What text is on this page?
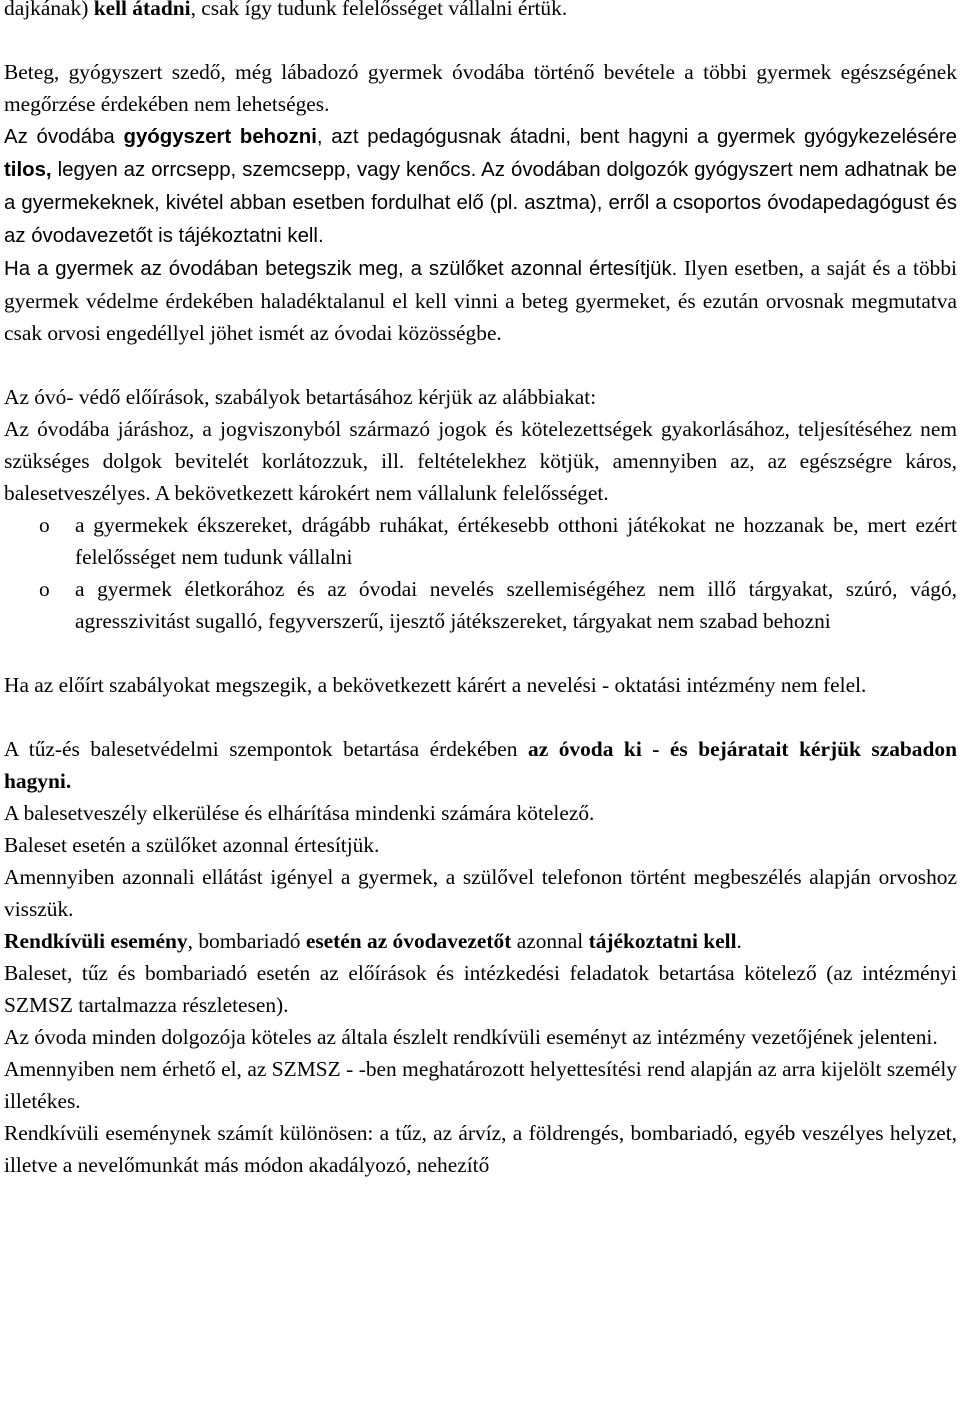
dajkának) kell átadni, csak így tudunk felelősséget vállalni értük.

Beteg, gyógyszert szedő, még lábadozó gyermek óvodába történő bevétele a többi gyermek egészségének megőrzése érdekében nem lehetséges.

Az óvodába gyógyszert behozni, azt pedagógusnak átadni, bent hagyni a gyermek gyógykezelésére tilos, legyen az orrcsepp, szemcsepp, vagy kenőcs. Az óvodában dolgozók gyógyszert nem adhatnak be a gyermekeknek, kivétel abban esetben fordulhat elő (pl. asztma), erről a csoportos óvodapedagógust és az óvodavezetőt is tájékoztatni kell.

Ha a gyermek az óvodában betegszik meg, a szülőket azonnal értesítjük. Ilyen esetben, a saját és a többi gyermek védelme érdekében haladéktalanul el kell vinni a beteg gyermeket, és ezután orvosnak megmutatva csak orvosi engedéllyel jöhet ismét az óvodai közösségbe.

Az óvó- védő előírások, szabályok betartásához kérjük az alábbiakat:

Az óvodába járáshoz, a jogviszonyból származó jogok és kötelezettségek gyakorlásához, teljesítéséhez nem szükséges dolgok bevitelét korlátozzuk, ill. feltételekhez kötjük, amennyiben az, az egészségre káros, balesetveszélyes. A bekövetkezett károkért nem vállalunk felelősséget.

o a gyermekek ékszereket, drágább ruhákat, értékesebb otthoni játékokat ne hozzanak be, mert ezért felelősséget nem tudunk vállalni
o a gyermek életkorához és az óvodai nevelés szellemiségéhez nem illő tárgyakat, szúró, vágó, agresszivitást sugalló, fegyverszerű, ijesztő játékszereket, tárgyakat nem szabad behozni

Ha az előírt szabályokat megszegik, a bekövetkezett kárért a nevelési - oktatási intézmény nem felel.

A tűz-és balesetvédelmi szempontok betartása érdekében az óvoda ki - és bejáratait kérjük szabadon hagyni.

A balesetveszély elkerülése és elhárítása mindenki számára kötelező.

Baleset esetén a szülőket azonnal értesítjük.

Amennyiben azonnali ellátást igényel a gyermek, a szülővel telefonon történt megbeszélés alapján orvoshoz visszük.

Rendkívüli esemény, bombariadó esetén az óvodavezetőt azonnal tájékoztatni kell.

Baleset, tűz és bombariadó esetén az előírások és intézkedési feladatok betartása kötelező (az intézményi SZMSZ tartalmazza részletesen).

Az óvoda minden dolgozója köteles az általa észlelt rendkívüli eseményt az intézmény vezetőjének jelenteni.

Amennyiben nem érhető el, az SZMSZ - -ben meghatározott helyettesítési rend alapján az arra kijelölt személy illetékes.

Rendkívüli eseménynek számít különösen: a tűz, az árvíz, a földrengés, bombariadó, egyéb veszélyes helyzet, illetve a nevelőmunkát más módon akadályozó, nehezítő
